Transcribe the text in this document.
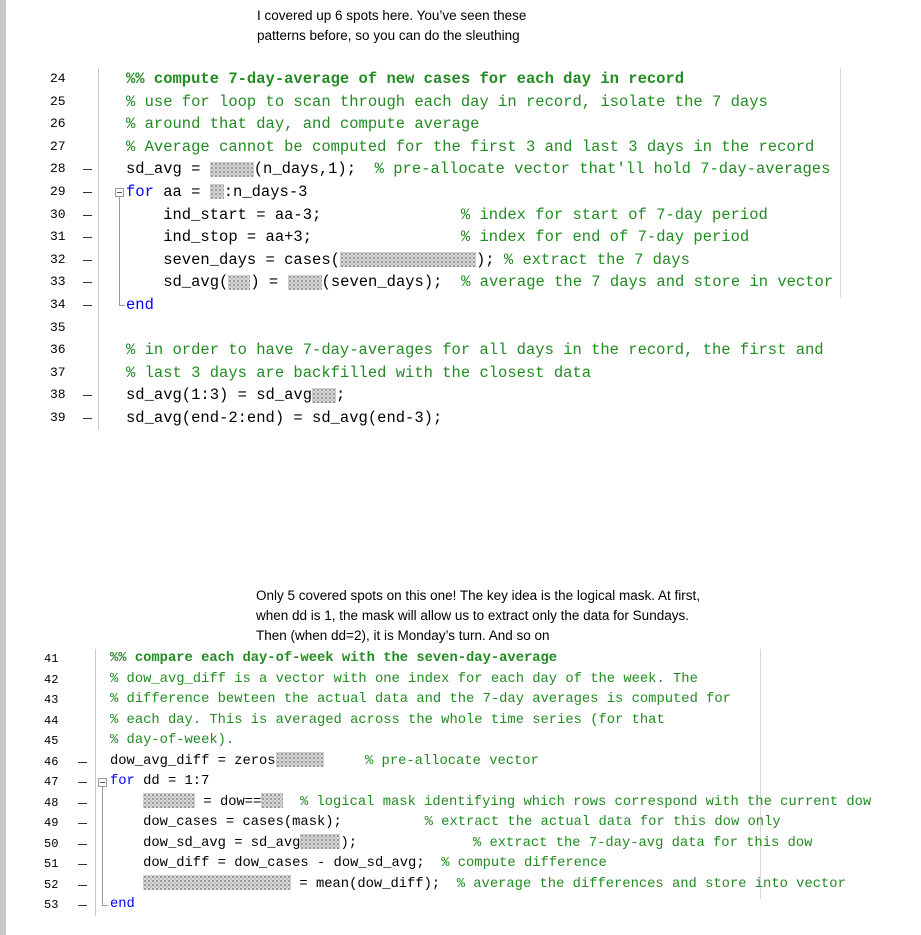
I covered up 6 spots here. You’ve seen these
patterns before, so you can do the sleuthing
24	%% compute 7-day-average of new cases for each day in record
25	% use for loop to scan through each day in record, isolate the 7 days
26	% around that day, and compute average
27	% Average cannot be computed for the first 3 and last 3 days in the record
28	sd_avg =	(n_days,1);  % pre-allocate vector that'll hold 7-day-averages
29	for aa = :n_days-3
30	ind_start = aa-3;               % index for start of 7-day period
31	ind_stop = aa+3;                % index for end of 7-day period
32	seven_days = cases(	); % extract the 7 days
33	sd_avg( ) = (seven_days);  % average the 7 days and store in vector
34	end
35
36	% in order to have 7-day-averages for all days in the record, the first and
37	% last 3 days are backfilled with the closest data
38	sd_avg(1:3) = sd_avg ;
39	sd_avg(end-2:end) = sd_avg(end-3);
Only 5 covered spots on this one! The key idea is the logical mask. At first,
when dd is 1, the mask will allow us to extract only the data for Sundays.
Then (when dd=2), it is Monday’s turn. And so on
41	%% compare each day-of-week with the seven-day-average
42	% dow_avg_diff is a vector with one index for each day of the week. The
43	% difference bewteen the actual data and the 7-day averages is computed for
44	% each day. This is averaged across the whole time series (for that
45	% day-of-week).
46	dow_avg_diff = zeros	% pre-allocate vector
47	for dd = 1:7
48	= dow==	% logical mask identifying which rows correspond with the current dow
49	dow_cases = cases(mask);          % extract the actual data for this dow only
50	dow_sd_avg = sd_avg	);              % extract the 7-day-avg data for this dow
51	dow_diff = dow_cases - dow_sd_avg;  % compute difference
52	= mean(dow_diff);  % average the differences and store into vector
53	end
